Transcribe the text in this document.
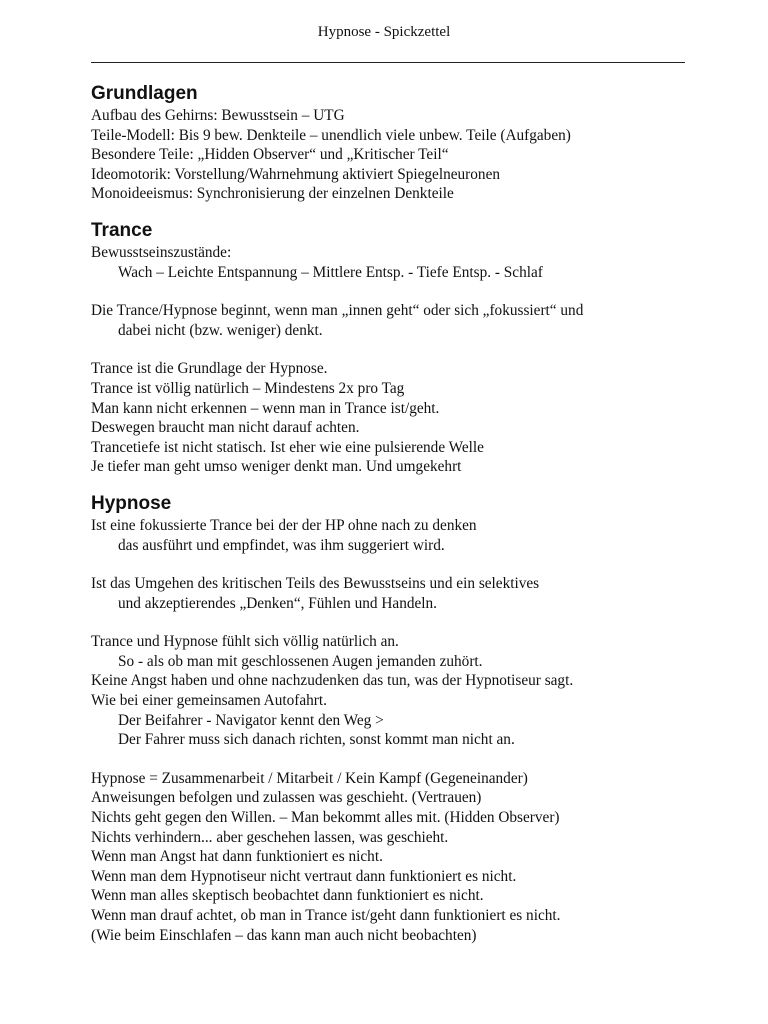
Hypnose - Spickzettel
Grundlagen
Aufbau des Gehirns: Bewusstsein – UTG
Teile-Modell: Bis 9 bew. Denkteile – unendlich viele unbew. Teile (Aufgaben)
Besondere Teile: „Hidden Observer“ und „Kritischer Teil“
Ideomotorik: Vorstellung/Wahrnehmung aktiviert Spiegelneuronen
Monoideeismus: Synchronisierung der einzelnen Denkteile
Trance
Bewusstseinszustände:
Wach – Leichte Entspannung – Mittlere Entsp. - Tiefe Entsp. - Schlaf
Die Trance/Hypnose beginnt, wenn man „innen geht“ oder sich „fokussiert“ und
dabei nicht (bzw. weniger) denkt.
Trance ist die Grundlage der Hypnose.
Trance ist völlig natürlich – Mindestens 2x pro Tag
Man kann nicht erkennen – wenn man in Trance ist/geht.
Deswegen braucht man nicht darauf achten.
Trancetiefe ist nicht statisch. Ist eher wie eine pulsierende Welle
Je tiefer man geht umso weniger denkt man. Und umgekehrt
Hypnose
Ist eine fokussierte Trance bei der der HP ohne nach zu denken
das ausführt und empfindet, was ihm suggeriert wird.
Ist das Umgehen des kritischen Teils des Bewusstseins und ein selektives
und akzeptierendes „Denken“, Fühlen und Handeln.
Trance und Hypnose fühlt sich völlig natürlich an.
So - als ob man mit geschlossenen Augen jemanden zuhört.
Keine Angst haben und ohne nachzudenken das tun, was der Hypnotiseur sagt.
Wie bei einer gemeinsamen Autofahrt.
Der Beifahrer - Navigator kennt den Weg >
Der Fahrer muss sich danach richten, sonst kommt man nicht an.
Hypnose = Zusammenarbeit / Mitarbeit / Kein Kampf (Gegeneinander)
Anweisungen befolgen und zulassen was geschieht. (Vertrauen)
Nichts geht gegen den Willen. – Man bekommt alles mit. (Hidden Observer)
Nichts verhindern... aber geschehen lassen, was geschieht.
Wenn man Angst hat dann funktioniert es nicht.
Wenn man dem Hypnotiseur nicht vertraut dann funktioniert es nicht.
Wenn man alles skeptisch beobachtet dann funktioniert es nicht.
Wenn man drauf achtet, ob man in Trance ist/geht dann funktioniert es nicht.
(Wie beim Einschlafen – das kann man auch nicht beobachten)
